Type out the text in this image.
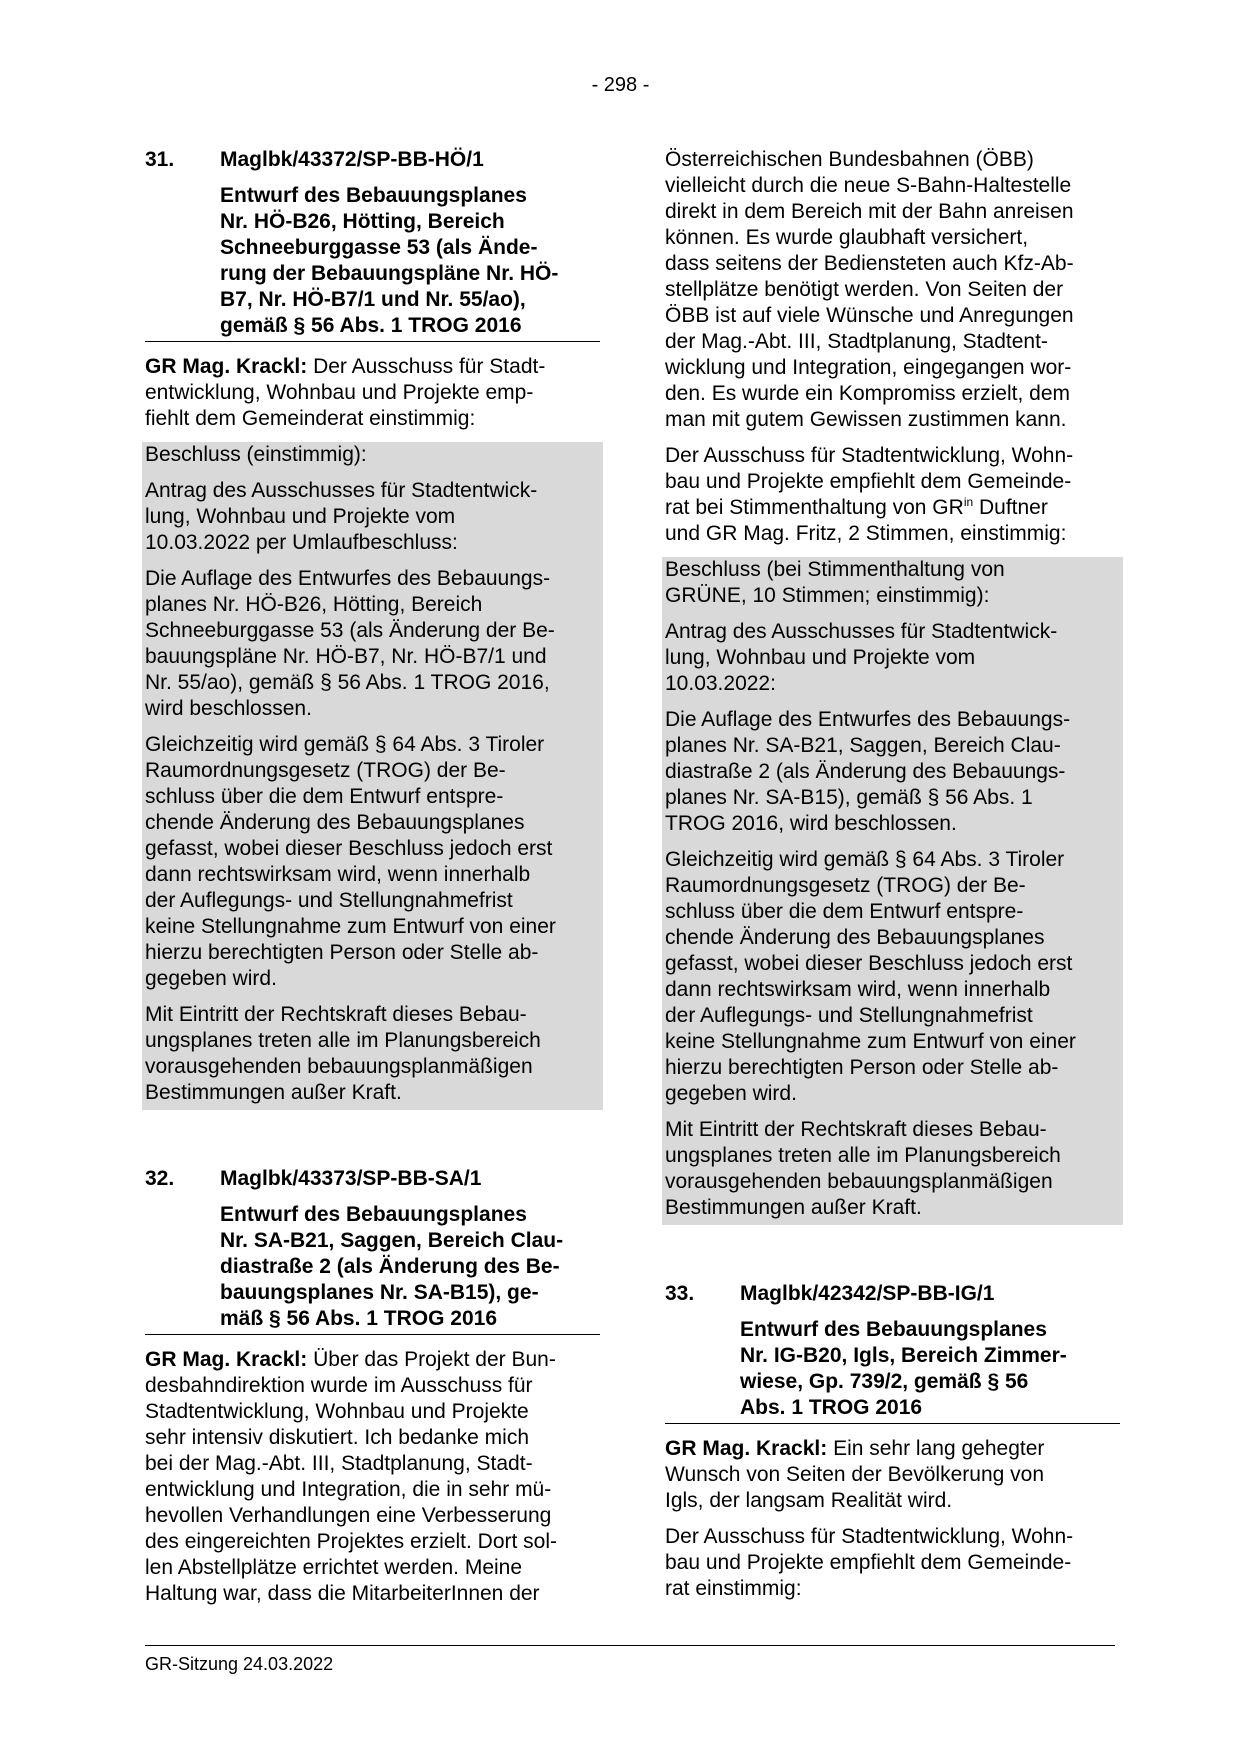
- 298 -
31.	Maglbk/43372/SP-BB-HÖ/1
Entwurf des Bebauungsplanes
Nr. HÖ-B26, Hötting, Bereich
Schneeburggasse 53 (als Ände-
rung der Bebauungspläne Nr. HÖ-
B7, Nr. HÖ-B7/1 und Nr. 55/ao),
gemäß § 56 Abs. 1 TROG 2016

GR Mag. Krackl: Der Ausschuss für Stadt-
entwicklung, Wohnbau und Projekte emp-
fiehlt dem Gemeinderat einstimmig:

Beschluss (einstimmig):

Antrag des Ausschusses für Stadtentwick-
lung, Wohnbau und Projekte vom
10.03.2022 per Umlaufbeschluss:

Die Auflage des Entwurfes des Bebauungs-
planes Nr. HÖ-B26, Hötting, Bereich
Schneeburggasse 53 (als Änderung der Be-
bauungspläne Nr. HÖ-B7, Nr. HÖ-B7/1 und
Nr. 55/ao), gemäß § 56 Abs. 1 TROG 2016,
wird beschlossen.

Gleichzeitig wird gemäß § 64 Abs. 3 Tiroler
Raumordnungsgesetz (TROG) der Be-
schluss über die dem Entwurf entspre-
chende Änderung des Bebauungsplanes
gefasst, wobei dieser Beschluss jedoch erst
dann rechtswirksam wird, wenn innerhalb
der Auflegungs- und Stellungnahmefrist
keine Stellungnahme zum Entwurf von einer
hierzu berechtigten Person oder Stelle ab-
gegeben wird.

Mit Eintritt der Rechtskraft dieses Bebau-
ungsplanes treten alle im Planungsbereich
vorausgehenden bebauungsplanmäßigen
Bestimmungen außer Kraft.

32.	Maglbk/43373/SP-BB-SA/1
Entwurf des Bebauungsplanes
Nr. SA-B21, Saggen, Bereich Clau-
diastraße 2 (als Änderung des Be-
bauungsplanes Nr. SA-B15), ge-
mäß § 56 Abs. 1 TROG 2016

GR Mag. Krackl: Über das Projekt der Bun-
desbahndirektion wurde im Ausschuss für
Stadtentwicklung, Wohnbau und Projekte
sehr intensiv diskutiert. Ich bedanke mich
bei der Mag.-Abt. III, Stadtplanung, Stadt-
entwicklung und Integration, die in sehr mü-
hevollen Verhandlungen eine Verbesserung
des eingereichten Projektes erzielt. Dort sol-
len Abstellplätze errichtet werden. Meine
Haltung war, dass die MitarbeiterInnen der

Österreichischen Bundesbahnen (ÖBB)
vielleicht durch die neue S-Bahn-Haltestelle
direkt in dem Bereich mit der Bahn anreisen
können. Es wurde glaubhaft versichert,
dass seitens der Bediensteten auch Kfz-Ab-
stellplätze benötigt werden. Von Seiten der
ÖBB ist auf viele Wünsche und Anregungen
der Mag.-Abt. III, Stadtplanung, Stadtent-
wicklung und Integration, eingegangen wor-
den. Es wurde ein Kompromiss erzielt, dem
man mit gutem Gewissen zustimmen kann.

Der Ausschuss für Stadtentwicklung, Wohn-
bau und Projekte empfiehlt dem Gemeinde-
rat bei Stimmenthaltung von $GR^{in}$ Duftner
und GR Mag. Fritz, 2 Stimmen, einstimmig:

Beschluss (bei Stimmenthaltung von
GRÜNE, 10 Stimmen; einstimmig):

Antrag des Ausschusses für Stadtentwick-
lung, Wohnbau und Projekte vom
10.03.2022:

Die Auflage des Entwurfes des Bebauungs-
planes Nr. SA-B21, Saggen, Bereich Clau-
diastraße 2 (als Änderung des Bebauungs-
planes Nr. SA-B15), gemäß § 56 Abs. 1
TROG 2016, wird beschlossen.

Gleichzeitig wird gemäß § 64 Abs. 3 Tiroler
Raumordnungsgesetz (TROG) der Be-
schluss über die dem Entwurf entspre-
chende Änderung des Bebauungsplanes
gefasst, wobei dieser Beschluss jedoch erst
dann rechtswirksam wird, wenn innerhalb
der Auflegungs- und Stellungnahmefrist
keine Stellungnahme zum Entwurf von einer
hierzu berechtigten Person oder Stelle ab-
gegeben wird.

Mit Eintritt der Rechtskraft dieses Bebau-
ungsplanes treten alle im Planungsbereich
vorausgehenden bebauungsplanmäßigen
Bestimmungen außer Kraft.

33.	Maglbk/42342/SP-BB-IG/1
Entwurf des Bebauungsplanes
Nr. IG-B20, Igls, Bereich Zimmer-
wiese, Gp. 739/2, gemäß § 56
Abs. 1 TROG 2016

GR Mag. Krackl: Ein sehr lang gehegter
Wunsch von Seiten der Bevölkerung von
Igls, der langsam Realität wird.

Der Ausschuss für Stadtentwicklung, Wohn-
bau und Projekte empfiehlt dem Gemeinde-
rat einstimmig:

GR-Sitzung 24.03.2022
